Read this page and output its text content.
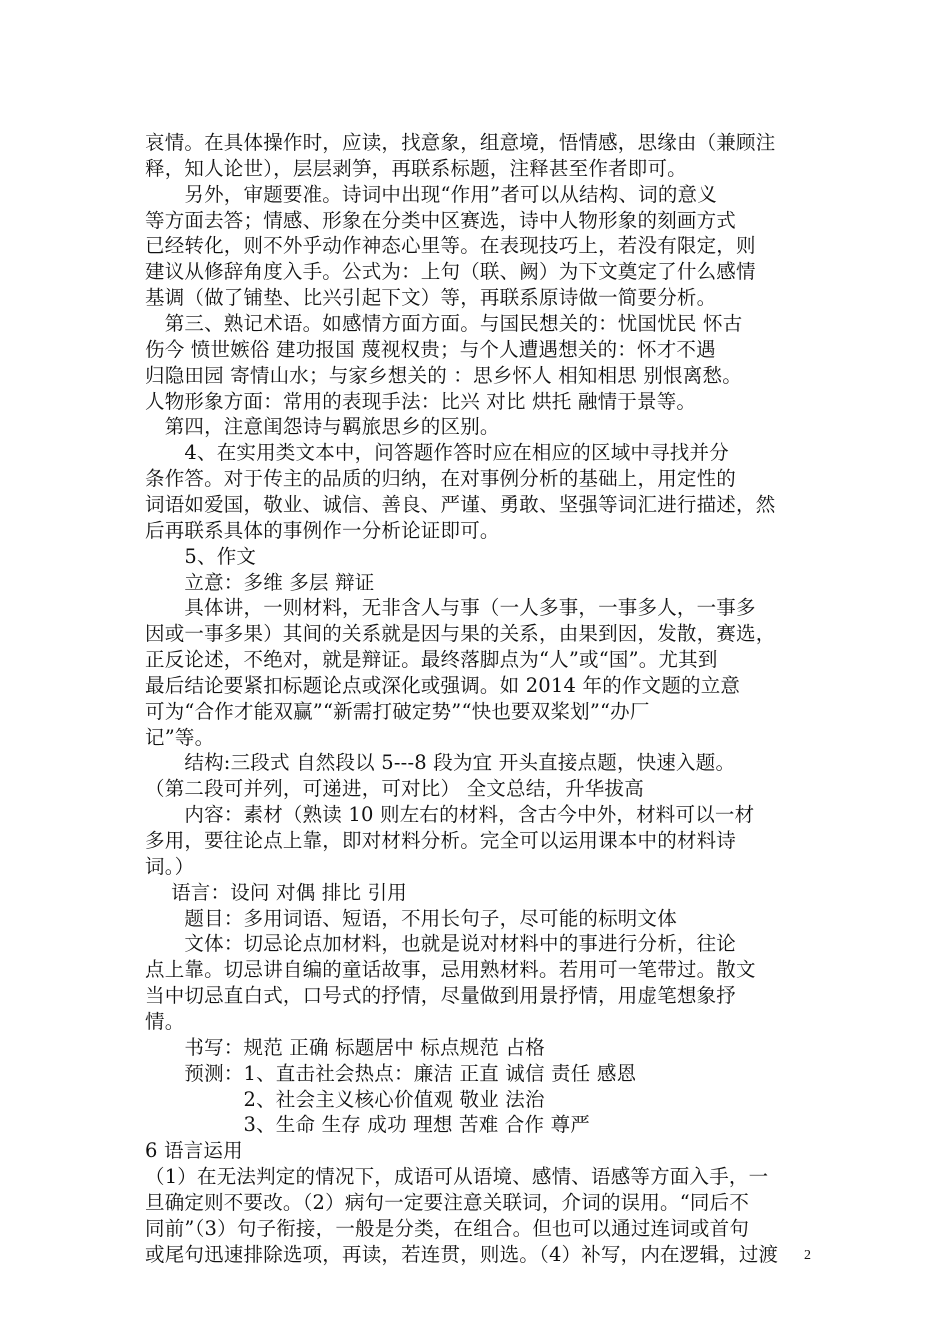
哀情。在具体操作时，应读，找意象，组意境，悟情感，思缘由（兼顾注
释，知人论世），层层剥笋，再联系标题，注释甚至作者即可。
　　另外，审题要准。诗词中出现“作用”者可以从结构、词的意义
等方面去答；情感、形象在分类中区赛选，诗中人物形象的刻画方式
已经转化，则不外乎动作神态心里等。在表现技巧上，若没有限定，则
建议从修辞角度入手。公式为：上句（联、阙）为下文奠定了什么感情
基调（做了铺垫、比兴引起下文）等，再联系原诗做一简要分析。
　第三、熟记术语。如感情方面方面。与国民想关的：忧国忧民 怀古
伤今 愤世嫉俗 建功报国 蔑视权贵；与个人遭遇想关的：怀才不遇
归隐田园 寄情山水；与家乡想关的 ：思乡怀人 相知相思 别恨离愁。
人物形象方面：常用的表现手法：比兴 对比 烘托 融情于景等。
　第四，注意闺怨诗与羁旅思乡的区别。
　　4、在实用类文本中，问答题作答时应在相应的区域中寻找并分
条作答。对于传主的品质的归纳，在对事例分析的基础上，用定性的
词语如爱国，敬业、诚信、善良、严谨、勇敢、坚强等词汇进行描述，然
后再联系具体的事例作一分析论证即可。
　　5、作文
　　立意：多维 多层 辩证
　　具体讲，一则材料，无非含人与事（一人多事，一事多人，一事多
因或一事多果）其间的关系就是因与果的关系，由果到因，发散，赛选，
正反论述，不绝对，就是辩证。最终落脚点为“人”或“国”。尤其到
最后结论要紧扣标题论点或深化或强调。如 2014 年的作文题的立意
可为“合作才能双赢”“新需打破定势”“快也要双桨划”“办厂
记”等。
　　结构:三段式 自然段以 5---8 段为宜 开头直接点题，快速入题。
（第二段可并列，可递进，可对比） 全文总结，升华拔高
　　内容：素材（熟读 10 则左右的材料，含古今中外，材料可以一材
多用，要往论点上靠，即对材料分析。完全可以运用课本中的材料诗
词。）
　 语言：设问 对偶 排比 引用
　　题目：多用词语、短语，不用长句子，尽可能的标明文体
　　文体：切忌论点加材料，也就是说对材料中的事进行分析，往论
点上靠。切忌讲自编的童话故事，忌用熟材料。若用可一笔带过。散文
当中切忌直白式，口号式的抒情，尽量做到用景抒情，用虚笔想象抒
情。
　　书写：规范 正确 标题居中 标点规范 占格
　　预测：1、直击社会热点：廉洁 正直 诚信 责任 感恩
　　　　　2、社会主义核心价值观 敬业 法治
　　　　　3、生命 生存 成功 理想 苦难 合作 尊严
6 语言运用
（1）在无法判定的情况下，成语可从语境、感情、语感等方面入手，一
旦确定则不要改。（2）病句一定要注意关联词，介词的误用。“同后不
同前”（3）句子衔接，一般是分类，在组合。但也可以通过连词或首句
或尾句迅速排除选项，再读，若连贯，则选。（4）补写，内在逻辑，过渡 2
